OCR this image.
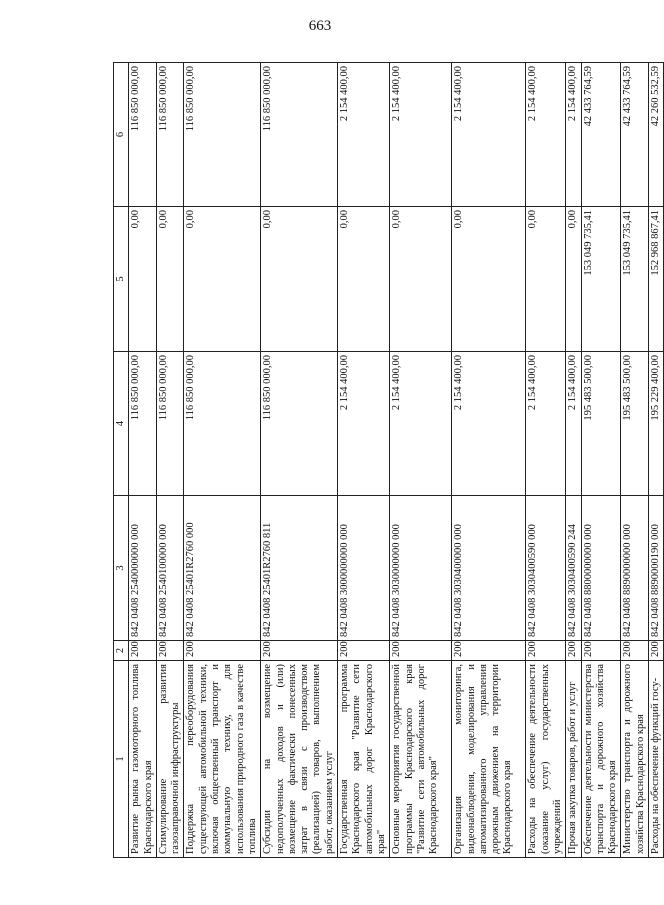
663
1	2	3	4	5	6
Развитие рынка газомоторного топлива Краснодарского края	200	842 0408 2540000000 000	116 850 000,00	0,00	116 850 000,00
Стимулирование развития газозаправочной инфраструктуры	200	842 0408 2540100000 000	116 850 000,00	0,00	116 850 000,00
Поддержка переоборудования существующей автомобильной техники, включая общественный транспорт и коммунальную технику, для использования природного газа в качестве топлива	200	842 0408 25401R2760 000	116 850 000,00	0,00	116 850 000,00
Субсидии на возмещение недополученных доходов и (или) возмещение фактически понесенных затрат в связи с производством (реализацией) товаров, выполнением работ, оказанием услуг	200	842 0408 25401R2760 811	116 850 000,00	0,00	116 850 000,00
Государственная программа Краснодарского края "Развитие сети автомобильных дорог Краснодарского края"	200	842 0408 3000000000 000	2 154 400,00	0,00	2 154 400,00
Основные мероприятия государственной программы Краснодарского края "Развитие сети автомобильных дорог Краснодарского края"	200	842 0408 3030000000 000	2 154 400,00	0,00	2 154 400,00
Организация мониторинга, видеонаблюдения, моделирования и автоматизированного управления дорожным движением на территории Краснодарского края	200	842 0408 3030400000 000	2 154 400,00	0,00	2 154 400,00
Расходы на обеспечение деятельности (оказание услуг) государственных учреждений	200	842 0408 3030400590 000	2 154 400,00	0,00	2 154 400,00
Прочая закупка товаров, работ и услуг	200	842 0408 3030400590 244	2 154 400,00	0,00	2 154 400,00
Обеспечение деятельности министерства транспорта и дорожного хозяйства Краснодарского края	200	842 0408 8800000000 000	195 483 500,00	153 049 735,41	42 433 764,59
Министерство транспорта и дорожного хозяйства Краснодарского края	200	842 0408 8890000000 000	195 483 500,00	153 049 735,41	42 433 764,59
Расходы на обеспечение функций госу-	200	842 0408 8890000190 000	195 229 400,00	152 968 867,41	42 260 532,59
